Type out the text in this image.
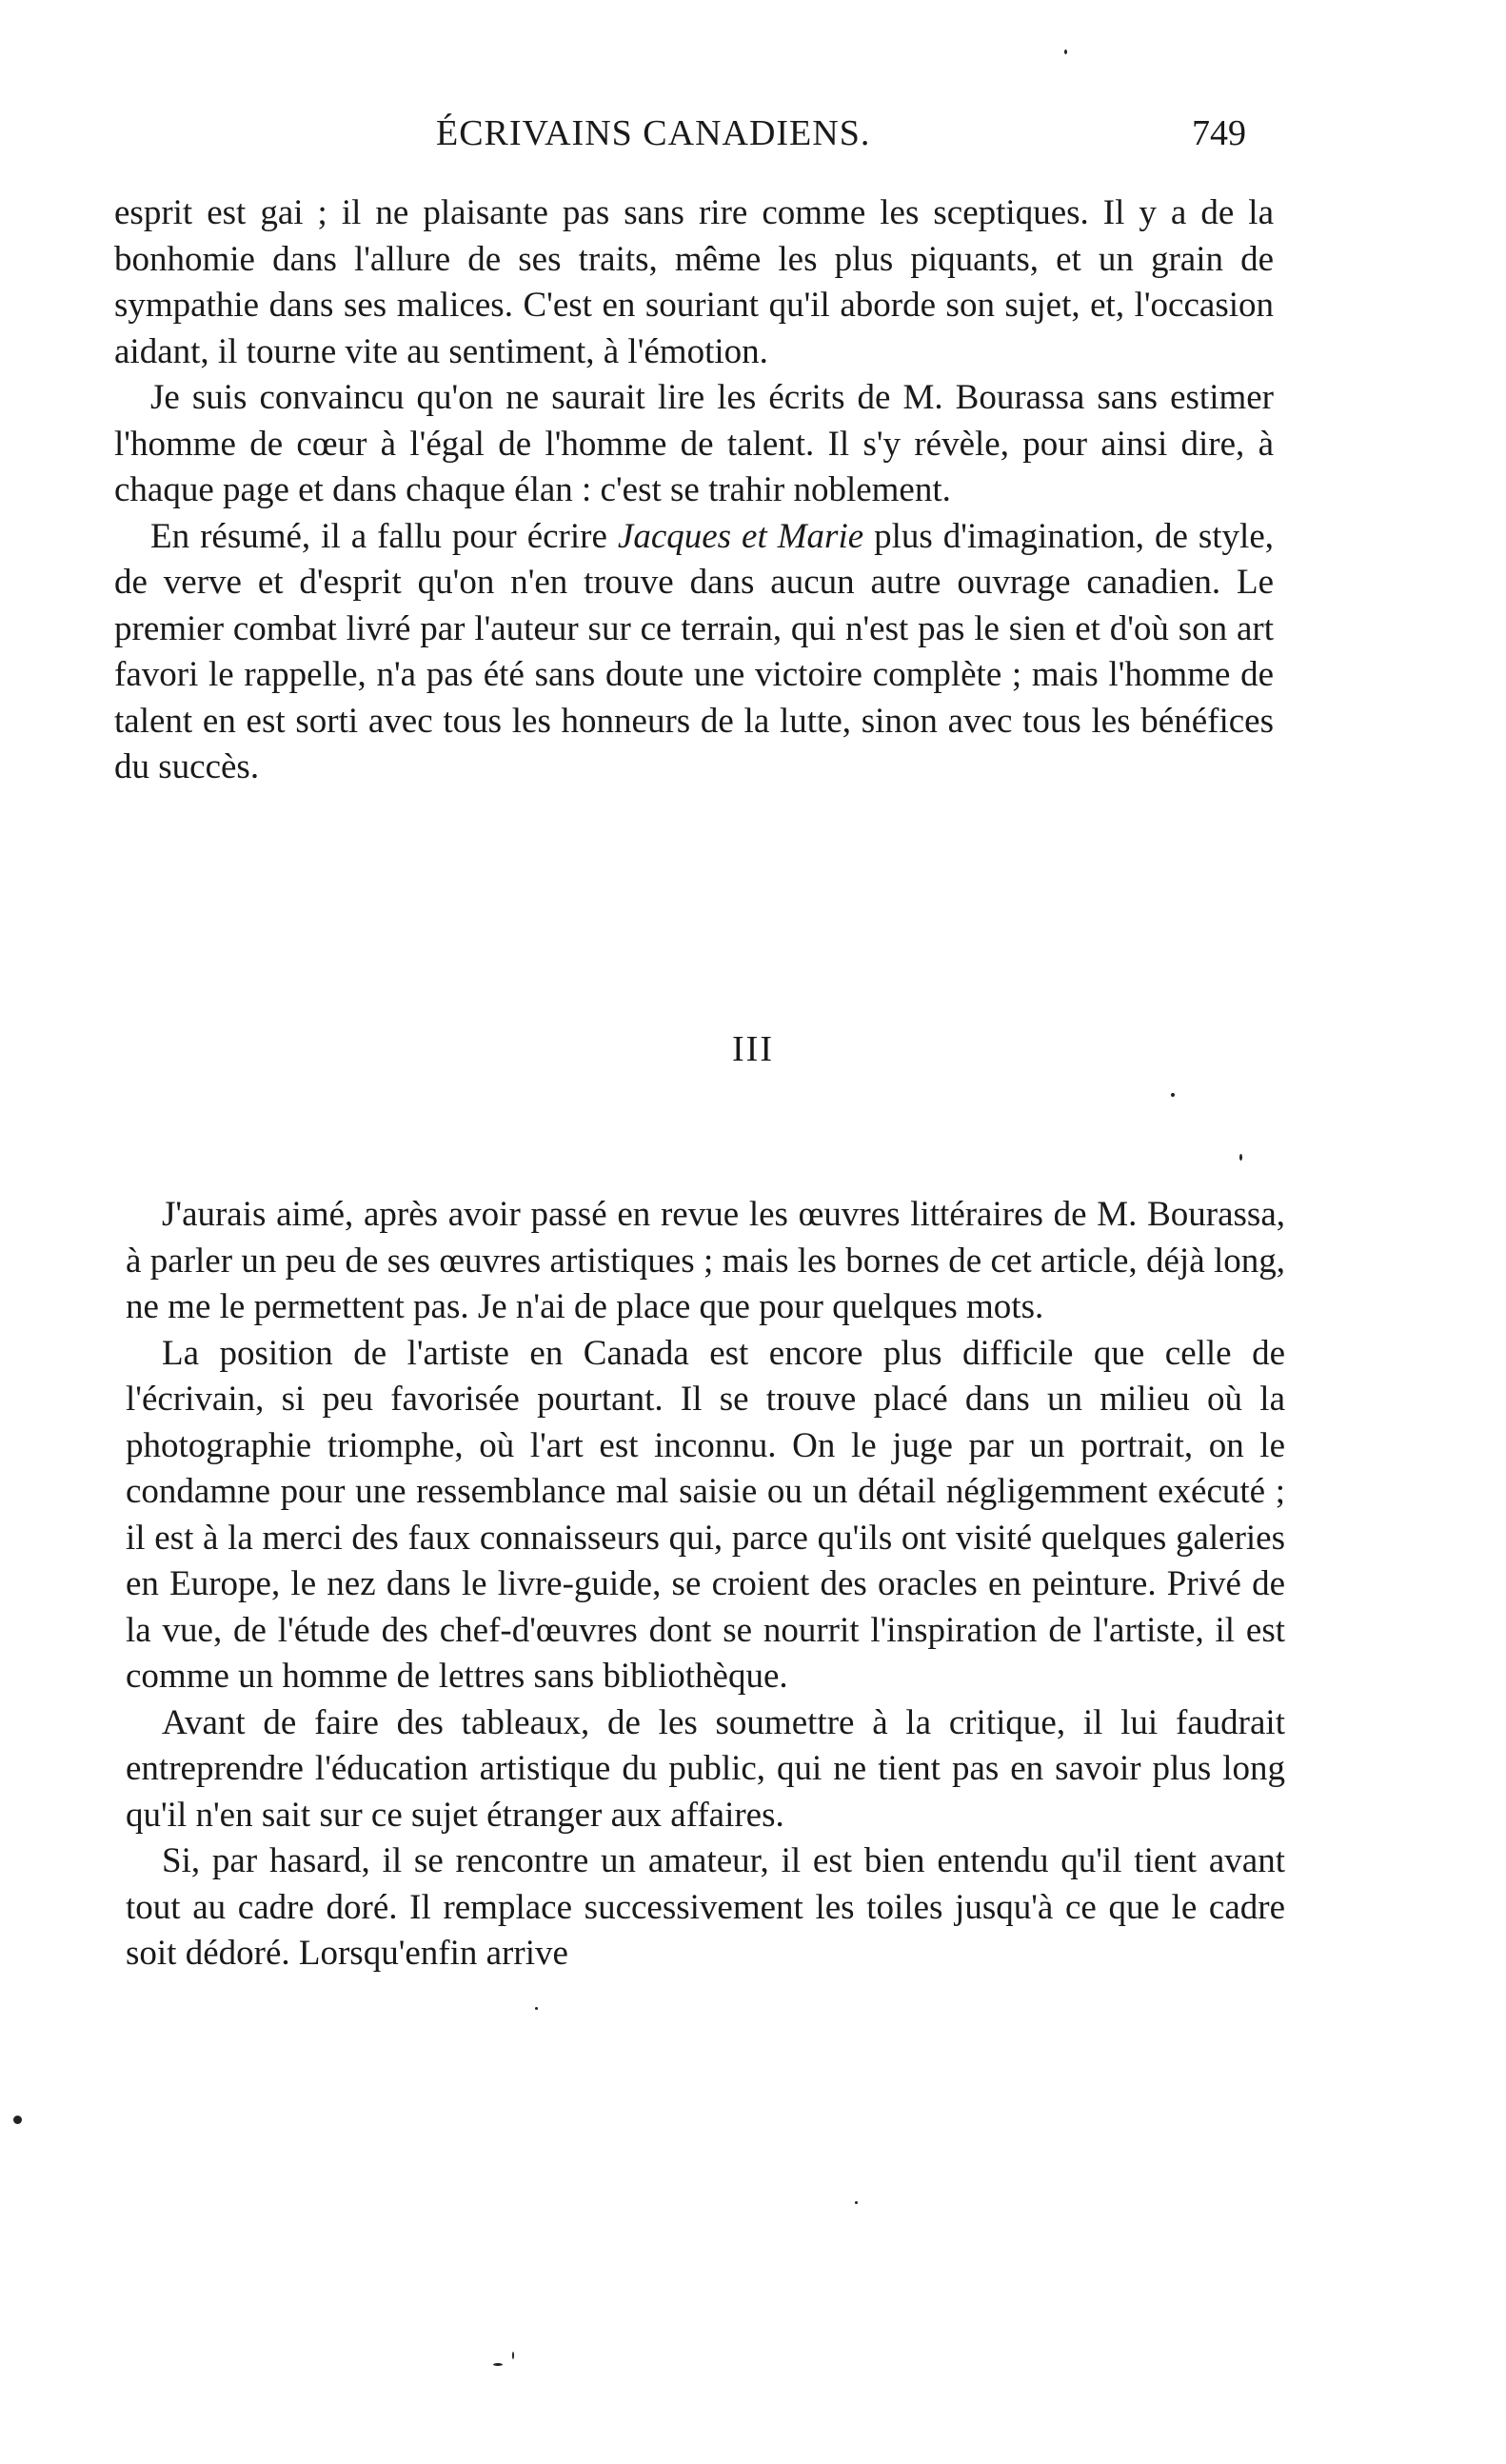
ÉCRIVAINS CANADIENS.	749

esprit est gai ; il ne plaisante pas sans rire comme les sceptiques. Il y a de la bonhomie dans l'allure de ses traits, même les plus piquants, et un grain de sympathie dans ses malices. C'est en souriant qu'il aborde son sujet, et, l'occasion aidant, il tourne vite au sentiment, à l'émotion.

Je suis convaincu qu'on ne saurait lire les écrits de M. Bourassa sans estimer l'homme de cœur à l'égal de l'homme de talent. Il s'y révèle, pour ainsi dire, à chaque page et dans chaque élan : c'est se trahir noblement.

En résumé, il a fallu pour écrire Jacques et Marie plus d'imagination, de style, de verve et d'esprit qu'on n'en trouve dans aucun autre ouvrage canadien. Le premier combat livré par l'auteur sur ce terrain, qui n'est pas le sien et d'où son art favori le rappelle, n'a pas été sans doute une victoire complète ; mais l'homme de talent en est sorti avec tous les honneurs de la lutte, sinon avec tous les bénéfices du succès.

III

J'aurais aimé, après avoir passé en revue les œuvres littéraires de M. Bourassa, à parler un peu de ses œuvres artistiques ; mais les bornes de cet article, déjà long, ne me le permettent pas. Je n'ai de place que pour quelques mots.

La position de l'artiste en Canada est encore plus difficile que celle de l'écrivain, si peu favorisée pourtant. Il se trouve placé dans un milieu où la photographie triomphe, où l'art est inconnu. On le juge par un portrait, on le condamne pour une ressemblance mal saisie ou un détail négligemment exécuté ; il est à la merci des faux connaisseurs qui, parce qu'ils ont visité quelques galeries en Europe, le nez dans le livre-guide, se croient des oracles en peinture. Privé de la vue, de l'étude des chef-d'œuvres dont se nourrit l'inspiration de l'artiste, il est comme un homme de lettres sans bibliothèque.

Avant de faire des tableaux, de les soumettre à la critique, il lui faudrait entreprendre l'éducation artistique du public, qui ne tient pas en savoir plus long qu'il n'en sait sur ce sujet étranger aux affaires.

Si, par hasard, il se rencontre un amateur, il est bien entendu qu'il tient avant tout au cadre doré. Il remplace successivement les toiles jusqu'à ce que le cadre soit dédoré. Lorsqu'enfin arrive
